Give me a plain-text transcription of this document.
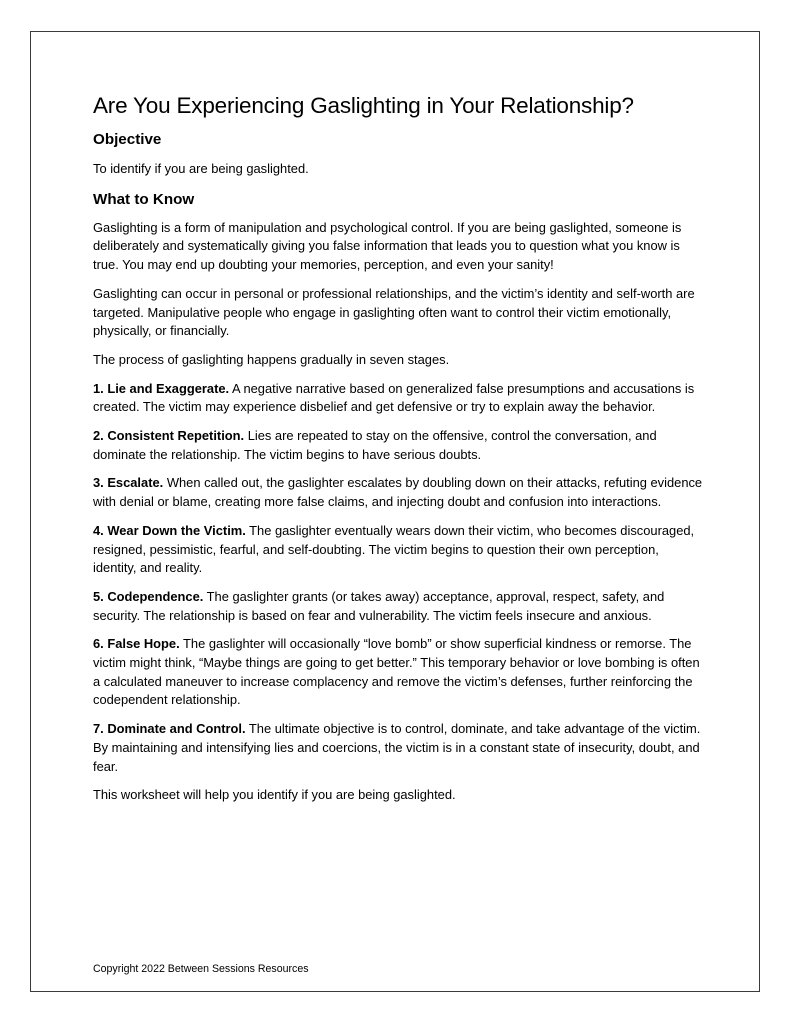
Are You Experiencing Gaslighting in Your Relationship?
Objective

To identify if you are being gaslighted.

What to Know

Gaslighting is a form of manipulation and psychological control. If you are being gaslighted, someone is deliberately and systematically giving you false information that leads you to question what you know is true. You may end up doubting your memories, perception, and even your sanity!

Gaslighting can occur in personal or professional relationships, and the victim’s identity and self-worth are targeted. Manipulative people who engage in gaslighting often want to control their victim emotionally, physically, or financially.

The process of gaslighting happens gradually in seven stages.

1. Lie and Exaggerate. A negative narrative based on generalized false presumptions and accusations is created. The victim may experience disbelief and get defensive or try to explain away the behavior.

2. Consistent Repetition. Lies are repeated to stay on the offensive, control the conversation, and dominate the relationship. The victim begins to have serious doubts.

3. Escalate. When called out, the gaslighter escalates by doubling down on their attacks, refuting evidence with denial or blame, creating more false claims, and injecting doubt and confusion into interactions.

4. Wear Down the Victim. The gaslighter eventually wears down their victim, who becomes discouraged, resigned, pessimistic, fearful, and self-doubting. The victim begins to question their own perception, identity, and reality.

5. Codependence. The gaslighter grants (or takes away) acceptance, approval, respect, safety, and security. The relationship is based on fear and vulnerability. The victim feels insecure and anxious.

6. False Hope. The gaslighter will occasionally “love bomb” or show superficial kindness or remorse. The victim might think, “Maybe things are going to get better.” This temporary behavior or love bombing is often a calculated maneuver to increase complacency and remove the victim’s defenses, further reinforcing the codependent relationship.

7. Dominate and Control. The ultimate objective is to control, dominate, and take advantage of the victim. By maintaining and intensifying lies and coercions, the victim is in a constant state of insecurity, doubt, and fear.

This worksheet will help you identify if you are being gaslighted.

Copyright 2022 Between Sessions Resources
